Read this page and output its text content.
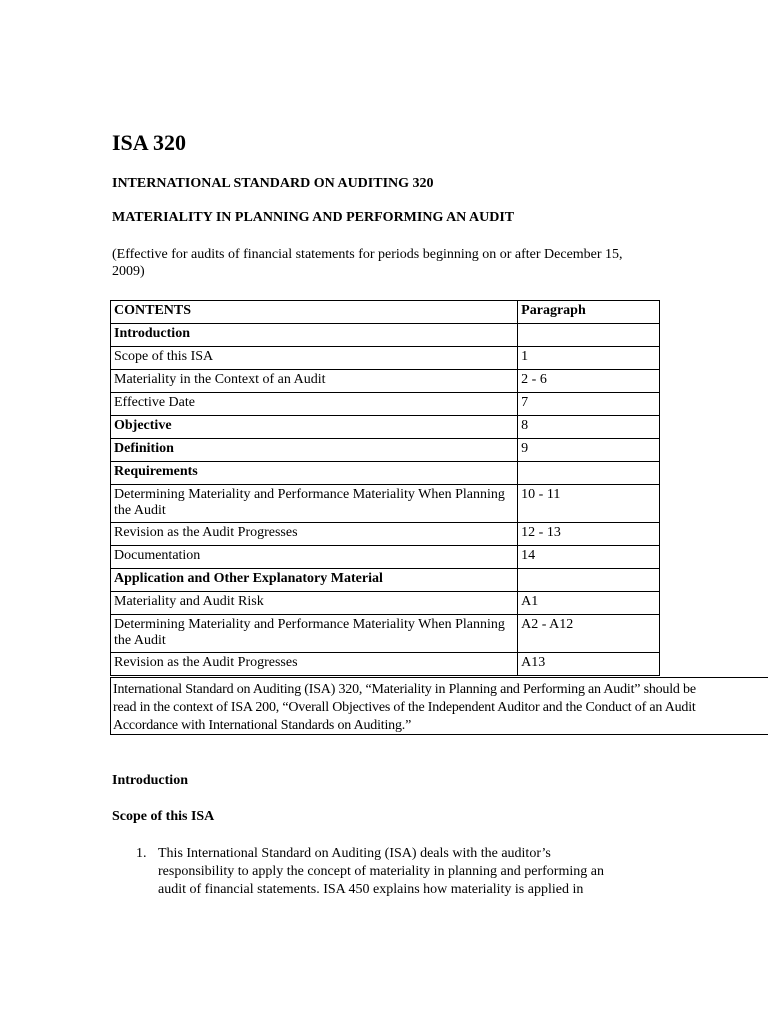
ISA 320

INTERNATIONAL STANDARD ON AUDITING 320

MATERIALITY IN PLANNING AND PERFORMING AN AUDIT

(Effective for audits of financial statements for periods beginning on or after December 15, 2009)

CONTENTS	Paragraph
Introduction	
Scope of this ISA	1
Materiality in the Context of an Audit	2 - 6
Effective Date	7
Objective	8
Definition	9
Requirements	
Determining Materiality and Performance Materiality When Planning the Audit	10 - 11
Revision as the Audit Progresses	12 - 13
Documentation	14
Application and Other Explanatory Material	
Materiality and Audit Risk	A1
Determining Materiality and Performance Materiality When Planning the Audit	A2 - A12
Revision as the Audit Progresses	A13
International Standard on Auditing (ISA) 320, “Materiality in Planning and Performing an Audit” should be
read in the context of ISA 200, “Overall Objectives of the Independent Auditor and the Conduct of an Audit
Accordance with International Standards on Auditing.”

Introduction

Scope of this ISA

1. This International Standard on Auditing (ISA) deals with the auditor’s
responsibility to apply the concept of materiality in planning and performing an
audit of financial statements. ISA 450 explains how materiality is applied in
